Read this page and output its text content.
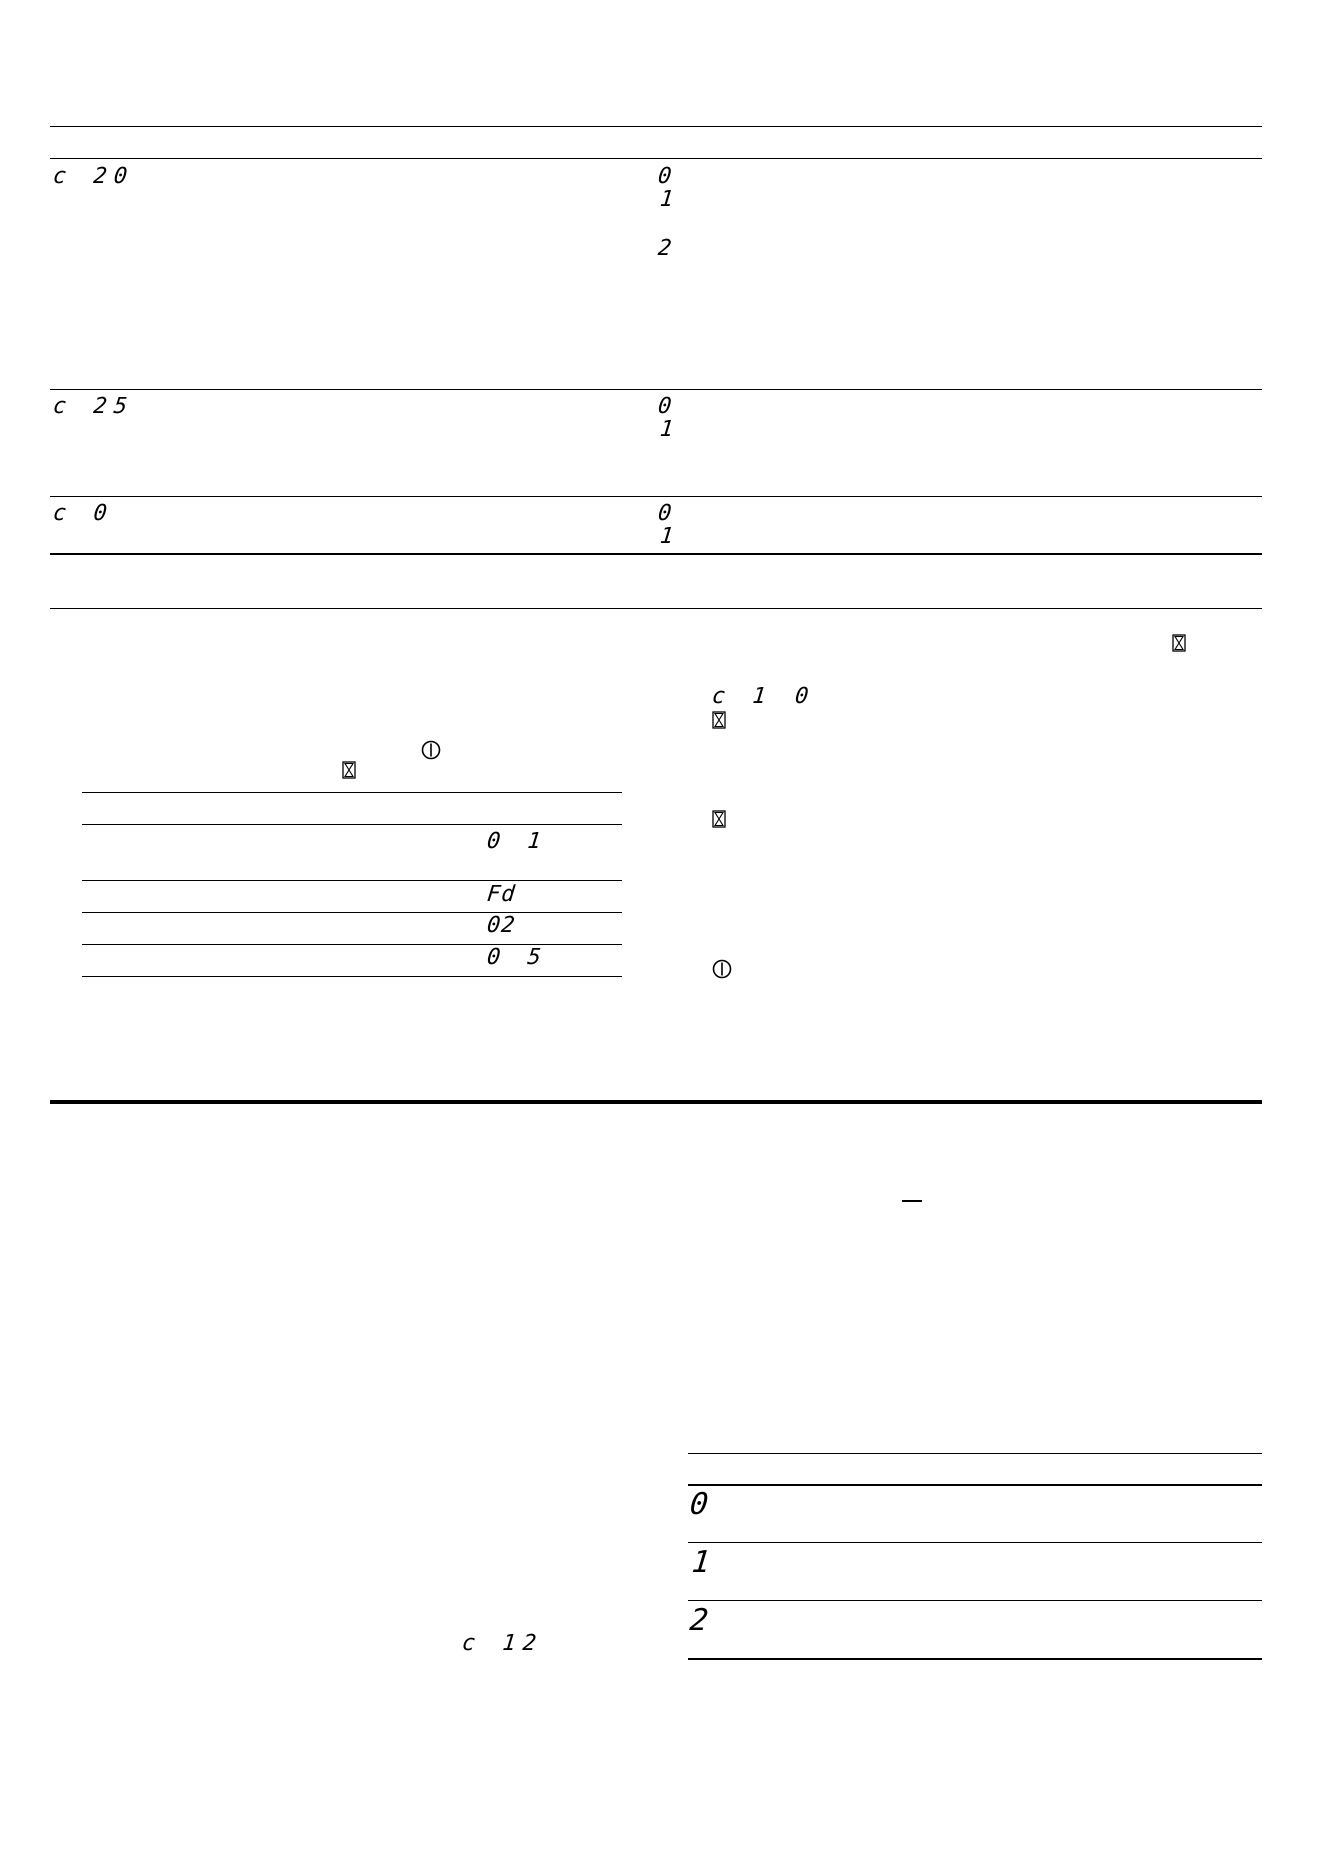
c 20	0
1
2
c 25	0
1
c 0	0
1
0 1
Fd
02
0 5
c 1 0
c 12
0
1
2
